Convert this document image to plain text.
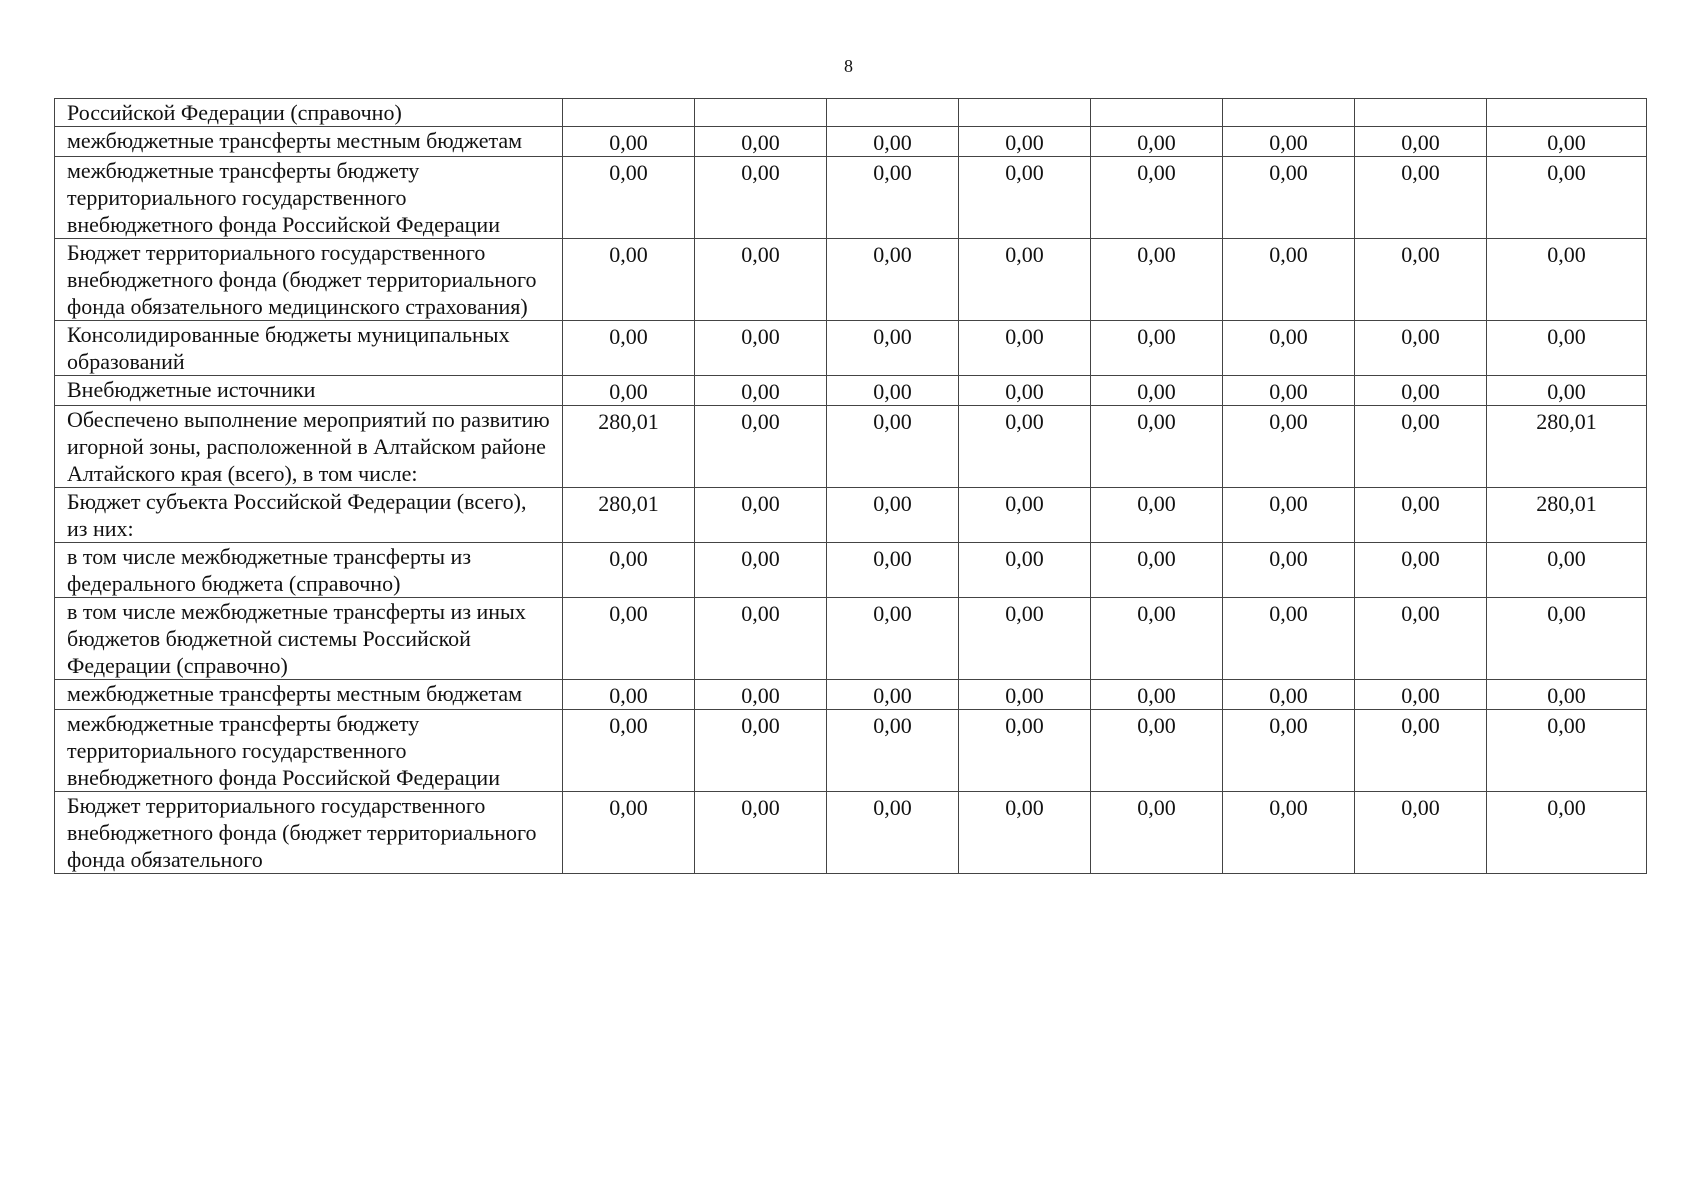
8
Российской Федерации (справочно)								
межбюджетные трансферты местным бюджетам	0,00	0,00	0,00	0,00	0,00	0,00	0,00	0,00
межбюджетные трансферты бюджету территориального государственного внебюджетного фонда Российской Федерации	0,00	0,00	0,00	0,00	0,00	0,00	0,00	0,00
Бюджет территориального государственного внебюджетного фонда (бюджет территориального фонда обязательного медицинского страхования)	0,00	0,00	0,00	0,00	0,00	0,00	0,00	0,00
Консолидированные бюджеты муниципальных образований	0,00	0,00	0,00	0,00	0,00	0,00	0,00	0,00
Внебюджетные источники	0,00	0,00	0,00	0,00	0,00	0,00	0,00	0,00
Обеспечено выполнение мероприятий по развитию игорной зоны, расположенной в Алтайском районе Алтайского края (всего), в том числе:	280,01	0,00	0,00	0,00	0,00	0,00	0,00	280,01
Бюджет субъекта Российской Федерации (всего), из них:	280,01	0,00	0,00	0,00	0,00	0,00	0,00	280,01
в том числе межбюджетные трансферты из федерального бюджета (справочно)	0,00	0,00	0,00	0,00	0,00	0,00	0,00	0,00
в том числе межбюджетные трансферты из иных бюджетов бюджетной системы Российской Федерации (справочно)	0,00	0,00	0,00	0,00	0,00	0,00	0,00	0,00
межбюджетные трансферты местным бюджетам	0,00	0,00	0,00	0,00	0,00	0,00	0,00	0,00
межбюджетные трансферты бюджету территориального государственного внебюджетного фонда Российской Федерации	0,00	0,00	0,00	0,00	0,00	0,00	0,00	0,00
Бюджет территориального государственного внебюджетного фонда (бюджет территориального фонда обязательного	0,00	0,00	0,00	0,00	0,00	0,00	0,00	0,00
